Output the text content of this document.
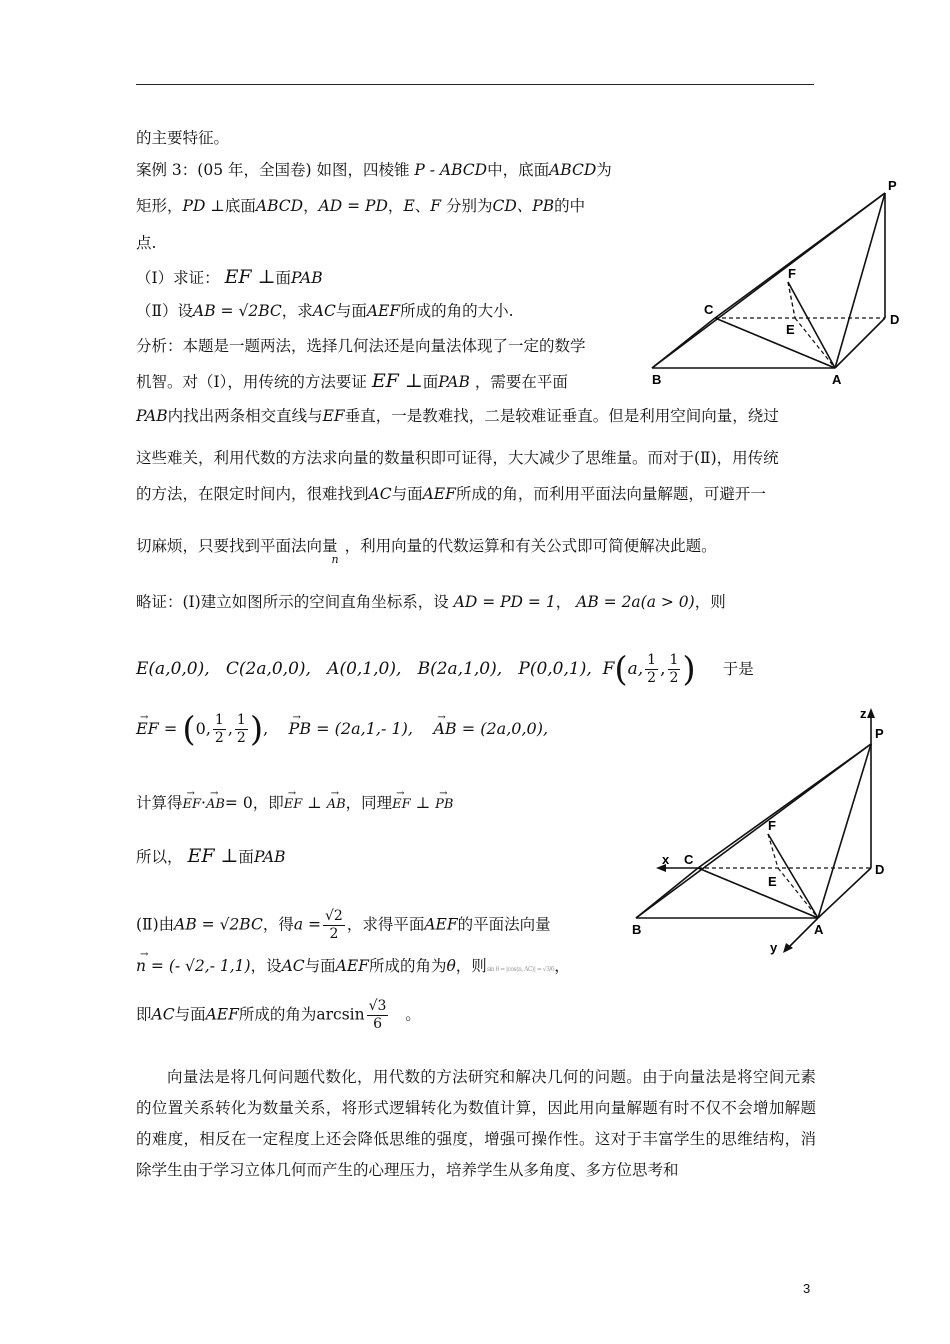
的主要特征。
案例 3：(05 年，全国卷) 如图，四棱锥 P - ABCD中，底面ABCD为
矩形，PD ⊥底面ABCD，AD = PD，E、F 分别为CD、PB的中
点.
（Ⅰ）求证： EF ⊥面PAB
（Ⅱ）设AB = √2BC，求AC与面AEF所成的角的大小.
分析：本题是一题两法，选择几何法还是向量法体现了一定的数学
机智。对（Ⅰ），用传统的方法要证 EF ⊥面PAB ，需要在平面
PAB内找出两条相交直线与EF垂直，一是教难找，二是较难证垂直。但是利用空间向量，绕过
这些难关，利用代数的方法求向量的数量积即可证得，大大减少了思维量。而对于(Ⅱ)，用传统
的方法，在限定时间内，很难找到AC与面AEF所成的角，而利用平面法向量解题，可避开一
切麻烦，只要找到平面法向量$_n$，利用向量的代数运算和有关公式即可简便解决此题。
略证：(Ⅰ)建立如图所示的空间直角坐标系，设 AD = PD = 1， AB = 2a(a > 0)，则
E(a,0,0), C(2a,0,0), A(0,1,0), B(2a,1,0), P(0,0,1), F(a, $\frac{1}{2}$ , $\frac{1}{2}$ ) 于是
→ EF = (0, $\frac{1}{2}$ , $\frac{1}{2}$ ),    → PB = (2a,1,- 1), → AB = (2a,0,0),
计算得→ EF·→ AB= 0，即→ EF ⊥ → AB，同理→ EF ⊥ → PB
所以， EF ⊥面PAB
(Ⅱ)由AB = √2BC，得$a = \frac{√2}{2}$ ，求得平面AEF的平面法向量
→ n = (- √2,- 1,1)，设AC与面AEF所成的角为θ，则sin θ = |cos⟨n, AC⟩| = √3/6，
即AC与面AEF所成的角为$\arcsin \frac{√3}{6}$ 。
向量法是将几何问题代数化，用代数的方法研究和解决几何的问题。由于向量法是将空间元素的位置关系转化为数量关系，将形式逻辑转化为数值计算，因此用向量解题有时不仅不会增加解题的难度，相反在一定程度上还会降低思维的强度，增强可操作性。这对于丰富学生的思维结构，消除学生由于学习立体几何而产生的心理压力，培养学生从多角度、多方位思考和
3
P
F
C
E
D
B	A
z
P
F
x C
E
D
B	A
y
